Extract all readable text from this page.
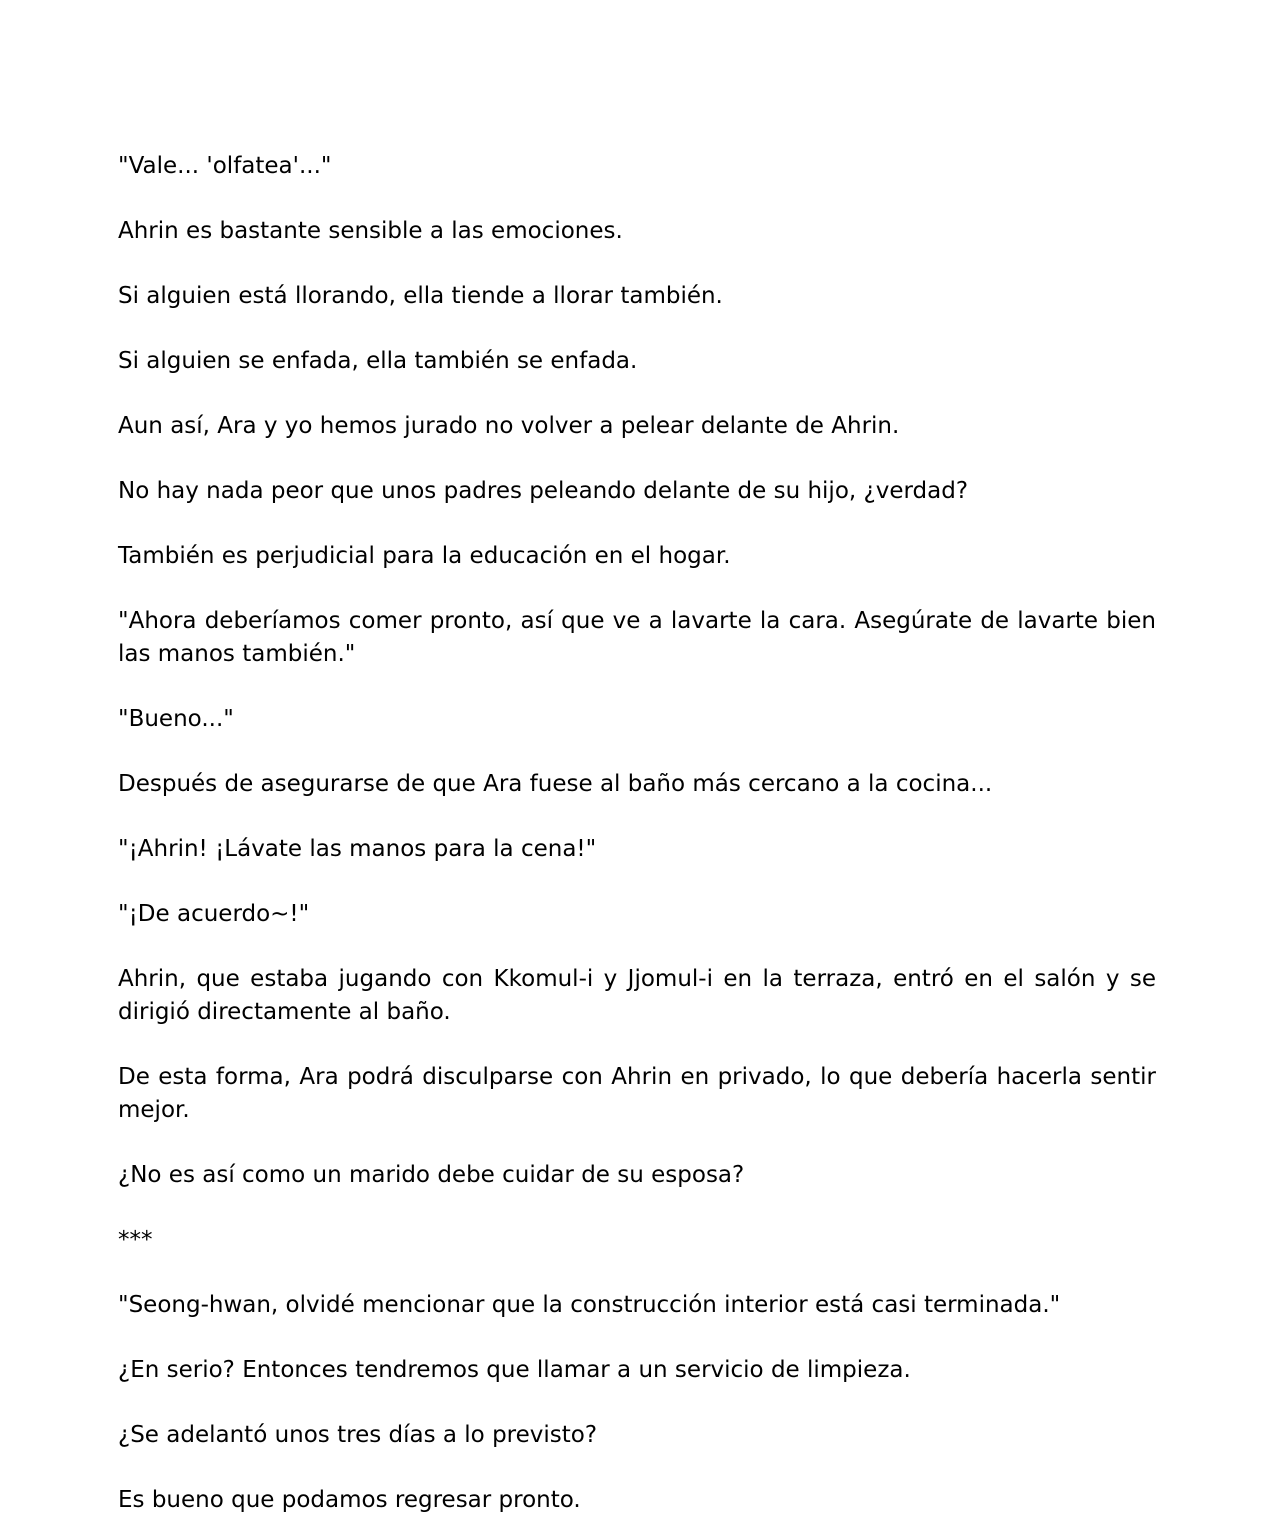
"Vale... 'olfatea'..."

Ahrin es bastante sensible a las emociones.

Si alguien está llorando, ella tiende a llorar también.

Si alguien se enfada, ella también se enfada.

Aun así, Ara y yo hemos jurado no volver a pelear delante de Ahrin.

No hay nada peor que unos padres peleando delante de su hijo, ¿verdad?

También es perjudicial para la educación en el hogar.

"Ahora deberíamos comer pronto, así que ve a lavarte la cara. Asegúrate de lavarte bien las manos también."

"Bueno..."

Después de asegurarse de que Ara fuese al baño más cercano a la cocina...

"¡Ahrin! ¡Lávate las manos para la cena!"

"¡De acuerdo~!"

Ahrin, que estaba jugando con Kkomul-i y Jjomul-i en la terraza, entró en el salón y se dirigió directamente al baño.

De esta forma, Ara podrá disculparse con Ahrin en privado, lo que debería hacerla sentir mejor.

¿No es así como un marido debe cuidar de su esposa?

***

"Seong-hwan, olvidé mencionar que la construcción interior está casi terminada."

¿En serio? Entonces tendremos que llamar a un servicio de limpieza.

¿Se adelantó unos tres días a lo previsto?

Es bueno que podamos regresar pronto.
